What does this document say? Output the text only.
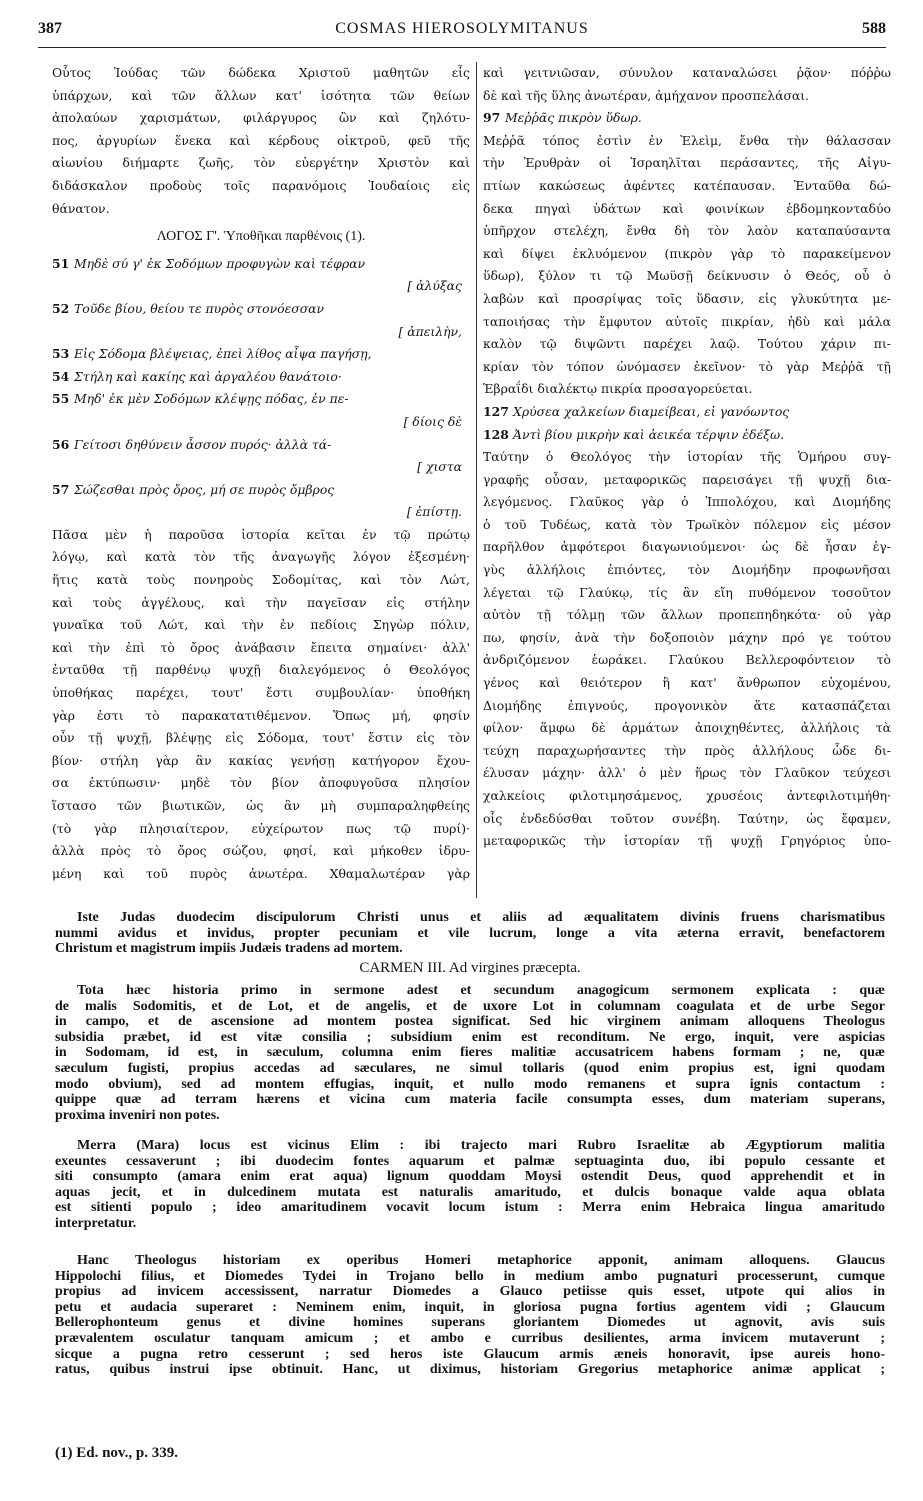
387	COSMAS HIEROSOLYMITANUS	588
Οὗτος Ἰούδας τῶν δώδεκα Χριστοῦ μαθητῶν εἷς
ὑπάρχων, καὶ τῶν ἄλλων κατ' ἰσότητα τῶν θείων
ἀπολαύων χαρισμάτων, φιλάργυρος ὢν καὶ ζηλότυ-
πος, ἀργυρίων ἕνεκα καὶ κέρδους οἰκτροῦ, φεῦ τῆς
αἰωνίου διήμαρτε ζωῆς, τὸν εὐεργέτην Χριστὸν καὶ
διδάσκαλον προδοὺς τοῖς παρανόμοις Ἰουδαίοις εἰς
θάνατον.
ΛΟΓΟΣ Γ'. Ὑποθῆκαι παρθένοις (1).
51 Μηδὲ σύ γ' ἐκ Σοδόμων προφυγὼν καὶ τέφραν
[ ἀλύξας

52 Τοῦδε βίου, θείου τε πυρὸς στονόεσσαν
[ ἀπειλὴν,

53 Εἰς Σόδομα βλέψειας, ἐπεὶ λίθος αἶψα παγήσῃ,
54 Στήλη καὶ κακίης καὶ ἀργαλέου θανάτοιο·
55 Μηδ' ἐκ μὲν Σοδόμων κλέψῃς πόδας, ἐν πε-
[ δίοις δὲ

56 Γείτοσι δηθύνειν ἆσσον πυρός· ἀλλὰ τά-
[ χιστα

57 Σώζεσθαι πρὸς ὄρος, μή σε πυρὸς ὄμβρος
[ ἐπίστῃ.

Πᾶσα μὲν ἡ παροῦσα ἱστορία κεῖται ἐν τῷ πρώτῳ
λόγῳ, καὶ κατὰ τὸν τῆς ἀναγωγῆς λόγον ἐξεσμένη·
ἥτις κατὰ τοὺς πονηροὺς Σοδομίτας, καὶ τὸν Λώτ,
καὶ τοὺς ἀγγέλους, καὶ τὴν παγεῖσαν εἰς στήλην
γυναῖκα τοῦ Λώτ, καὶ τὴν ἐν πεδίοις Σηγὼρ πόλιν,
καὶ τὴν ἐπὶ τὸ ὄρος ἀνάβασιν ἔπειτα σημαίνει· ἀλλ'
ἐνταῦθα τῇ παρθένῳ ψυχῇ διαλεγόμενος ὁ Θεολόγος
ὑποθήκας παρέχει, τουτ' ἔστι συμβουλίαν· ὑποθήκη
γὰρ ἐστι τὸ παρακατατιθέμενον. Ὅπως μή, φησίν
οὖν τῇ ψυχῇ, βλέψῃς εἰς Σόδομα, τουτ' ἔστιν εἰς τὸν
βίον· στήλη γὰρ ἂν κακίας γενήσῃ κατήγορον ἔχου-
σα ἐκτύπωσιν· μηδὲ τὸν βίον ἀποφυγοῦσα πλησίον
ἵστασο τῶν βιωτικῶν, ὡς ἂν μὴ συμπαραληφθείης
(τὸ γὰρ πλησιαίτερον, εὐχείρωτον πως τῷ πυρί)·
ἀλλὰ πρὸς τὸ ὄρος σώζου, φησί, καὶ μήκοθεν ἱδρυ-
μένη καὶ τοῦ πυρὸς ἀνωτέρα. Χθαμαλωτέραν γὰρ
καὶ γειτνιῶσαν, σύνυλον καταναλώσει ῥᾷον· πόῤῥω
δὲ καὶ τῆς ὕλης ἀνωτέραν, ἀμήχανον προσπελάσαι.
97 Μεῤῥᾶς πικρὸν ὕδωρ.
Μεῤῥᾶ τόπος ἐστὶν ἐν Ἐλεὶμ, ἔνθα τὴν θάλασσαν
τὴν Ἐρυθρὰν οἱ Ἰσραηλῖται περάσαντες, τῆς Αἰγυ-
πτίων κακώσεως ἀφέντες κατέπαυσαν. Ἐνταῦθα δώ-
δεκα πηγαὶ ὑδάτων καὶ φοινίκων ἑβδομηκονταδύο
ὑπῆρχον στελέχη, ἔνθα δὴ τὸν λαὸν καταπαύσαντα
καὶ δίψει ἐκλυόμενον (πικρὸν γὰρ τὸ παρακείμενον
ὕδωρ), ξύλον τι τῷ Μωϋσῇ δείκνυσιν ὁ Θεός, οὗ ὁ
λαβὼν καὶ προσρίψας τοῖς ὕδασιν, εἰς γλυκύτητα με-
ταποιήσας τὴν ἔμφυτον αὐτοῖς πικρίαν, ἡδὺ καὶ μάλα
καλὸν τῷ διψῶντι παρέχει λαῷ. Τούτου χάριν πι-
κρίαν τὸν τόπον ὠνόμασεν ἐκεῖνον· τὸ γὰρ Μεῤῥᾶ τῇ
Ἑβραΐδι διαλέκτῳ πικρία προσαγορεύεται.
127 Χρύσεα χαλκείων διαμείβεαι, εἰ γανόωντος
128 Ἀντὶ βίου μικρὴν καὶ ἀεικέα τέρψιν ἐδέξω.
Ταύτην ὁ Θεολόγος τὴν ἱστορίαν τῆς Ὁμήρου συγ-
γραφῆς οὖσαν, μεταφορικῶς παρεισάγει τῇ ψυχῇ δια-
λεγόμενος. Γλαῦκος γὰρ ὁ Ἱππολόχου, καὶ Διομήδης
ὁ τοῦ Τυδέως, κατὰ τὸν Τρωϊκὸν πόλεμον εἰς μέσον
παρῆλθον ἀμφότεροι διαγωνιούμενοι· ὡς δὲ ἦσαν ἐγ-
γὺς ἀλλήλοις ἐπιόντες, τὸν Διομήδην προφωνῆσαι
λέγεται τῷ Γλαύκῳ, τίς ἂν εἴη πυθόμενον τοσοῦτον
αὐτὸν τῇ τόλμῃ τῶν ἄλλων προπεπηδηκότα· οὐ γὰρ
πω, φησίν, ἀνὰ τὴν δοξοποιὸν μάχην πρό γε τούτου
ἀνδριζόμενον ἑωράκει. Γλαύκου Βελλεροφόντειον τὸ
γένος καὶ θειότερον ἢ κατ' ἄνθρωπον εὐχομένου,
Διομήδης ἐπιγνούς, προγονικὸν ἅτε κατασπάζεται
φίλον· ἅμφω δὲ ἁρμάτων ἀποιχηθέντες, ἀλλήλοις τὰ
τεύχη παραχωρήσαντες τὴν πρὸς ἀλλήλους ὧδε δι-
έλυσαν μάχην· ἀλλ' ὁ μὲν ἥρως τὸν Γλαῦκον τεύχεσι
χαλκείοις φιλοτιμησάμενος, χρυσέοις ἀντεφιλοτιμήθη·
οἷς ἐνδεδύσθαι τοῦτον συνέβη. Ταύτην, ὡς ἔφαμεν,
μεταφορικῶς τὴν ἱστορίαν τῇ ψυχῇ Γρηγόριος ὑπο-
Iste Judas duodecim discipulorum Christi unus et aliis ad æqualitatem divinis fruens charismatibus
nummi avidus et invidus, propter pecuniam et vile lucrum, longe a vita æterna erravit, benefactorem
Christum et magistrum impiis Judæis tradens ad mortem.
CARMEN III. Ad virgines præcepta.
Tota hæc historia primo in sermone adest et secundum anagogicum sermonem explicata : quæ
de malis Sodomitis, et de Lot, et de angelis, et de uxore Lot in columnam coagulata et de urbe Segor
in campo, et de ascensione ad montem postea significat. Sed hic virginem animam alloquens Theologus
subsidia præbet, id est vitæ consilia ; subsidium enim est reconditum. Ne ergo, inquit, vere aspicias
in Sodomam, id est, in sæculum, columna enim fieres malitiæ accusatricem habens formam ; ne, quæ
sæculum fugisti, propius accedas ad sæculares, ne simul tollaris (quod enim propius est, igni quodam
modo obvium), sed ad montem effugias, inquit, et nullo modo remanens et supra ignis contactum :
quippe quæ ad terram hærens et vicina cum materia facile consumpta esses, dum materiam superans,
proxima inveniri non potes.
Merra (Mara) locus est vicinus Elim : ibi trajecto mari Rubro Israelitæ ab Ægyptiorum malitia
exeuntes cessaverunt ; ibi duodecim fontes aquarum et palmæ septuaginta duo, ibi populo cessante et
siti consumpto (amara enim erat aqua) lignum quoddam Moysi ostendit Deus, quod apprehendit et in
aquas jecit, et in dulcedinem mutata est naturalis amaritudo, et dulcis bonaque valde aqua oblata
est sitienti populo ; ideo amaritudinem vocavit locum istum : Merra enim Hebraica lingua amaritudo
interpretatur.
Hanc Theologus historiam ex operibus Homeri metaphorice apponit, animam alloquens. Glaucus
Hippolochi filius, et Diomedes Tydei in Trojano bello in medium ambo pugnaturi processerunt, cumque
propius ad invicem accessissent, narratur Diomedes a Glauco petiisse quis esset, utpote qui alios in
petu et audacia superaret : Neminem enim, inquit, in gloriosa pugna fortius agentem vidi ; Glaucum
Bellerophonteum genus et divine homines superans gloriantem Diomedes ut agnovit, avis suis
prævalentem osculatur tanquam amicum ; et ambo e curribus desilientes, arma invicem mutaverunt ;
sicque a pugna retro cesserunt ; sed heros iste Glaucum armis æneis honoravit, ipse aureis hono-
ratus, quibus instrui ipse obtinuit. Hanc, ut diximus, historiam Gregorius metaphorice animæ applicat ;
(1) Ed. nov., p. 339.
